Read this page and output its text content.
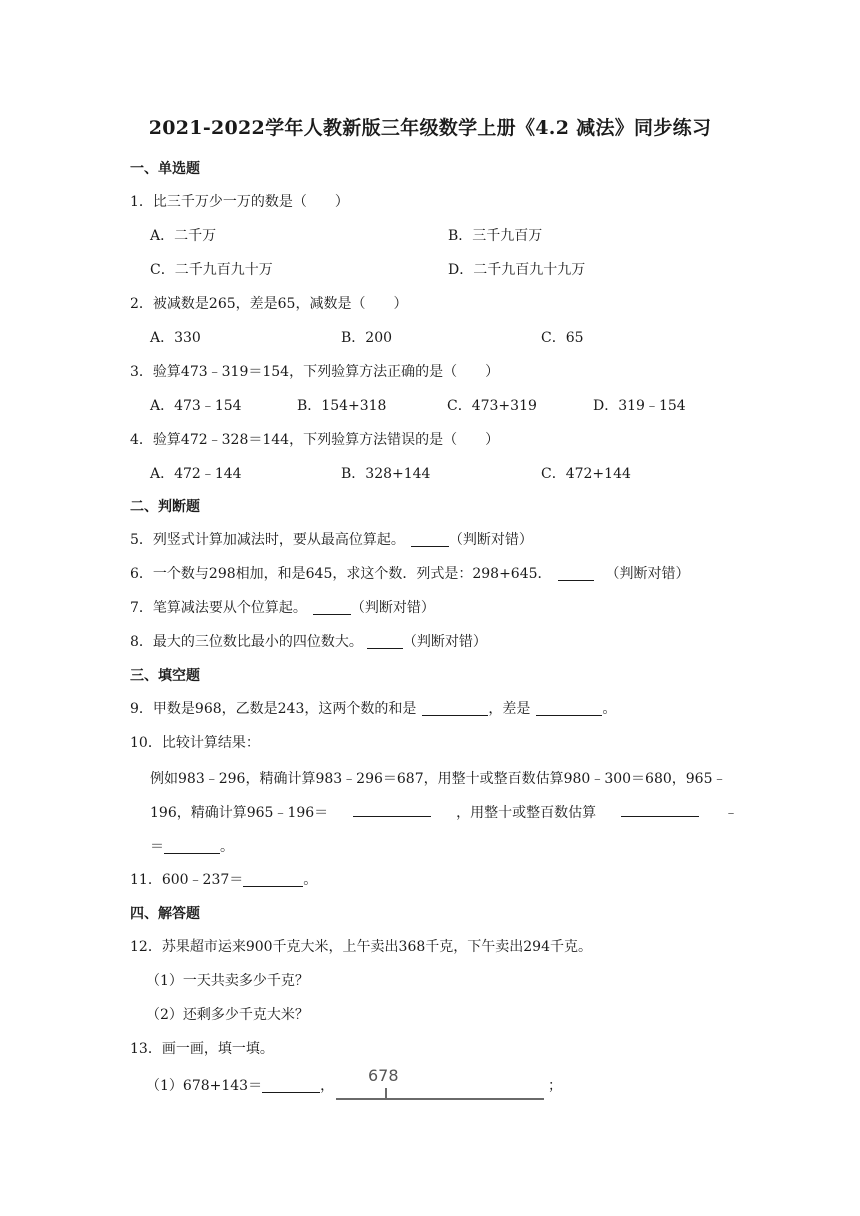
2021-2022学年人教新版三年级数学上册《4.2 减法》同步练习
一、单选题
1．比三千万少一万的数是（　　）
A．二千万	B．三千九百万
C．二千九百九十万	D．二千九百九十九万
2．被减数是265，差是65，减数是（　　）
A．330	B．200	C．65
3．验算473﹣319＝154，下列验算方法正确的是（　　）
A．473﹣154	B．154+318	C．473+319	D．319﹣154
4．验算472﹣328＝144，下列验算方法错误的是（　　）
A．472﹣144	B．328+144	C．472+144
二、判断题
5．列竖式计算加减法时，要从最高位算起。	（判断对错）
6．一个数与298相加，和是645，求这个数．列式是：298+645．	（判断对错）
7．笔算减法要从个位算起。	（判断对错）
8．最大的三位数比最小的四位数大。	（判断对错）
三、填空题
9．甲数是968，乙数是243，这两个数的和是	，差是	。
10．比较计算结果：
例如983﹣296，精确计算983﹣296＝687，用整十或整百数估算980﹣300＝680，965﹣
196，精确计算965﹣196＝	，用整十或整百数估算	﹣
＝	。
11．600﹣237＝	。
四、解答题
12．苏果超市运来900千克大米，上午卖出368千克，下午卖出294千克。
（1）一天共卖多少千克？
（2）还剩多少千克大米？
13．画一画，填一填。
（1）678+143＝	，
678
；
